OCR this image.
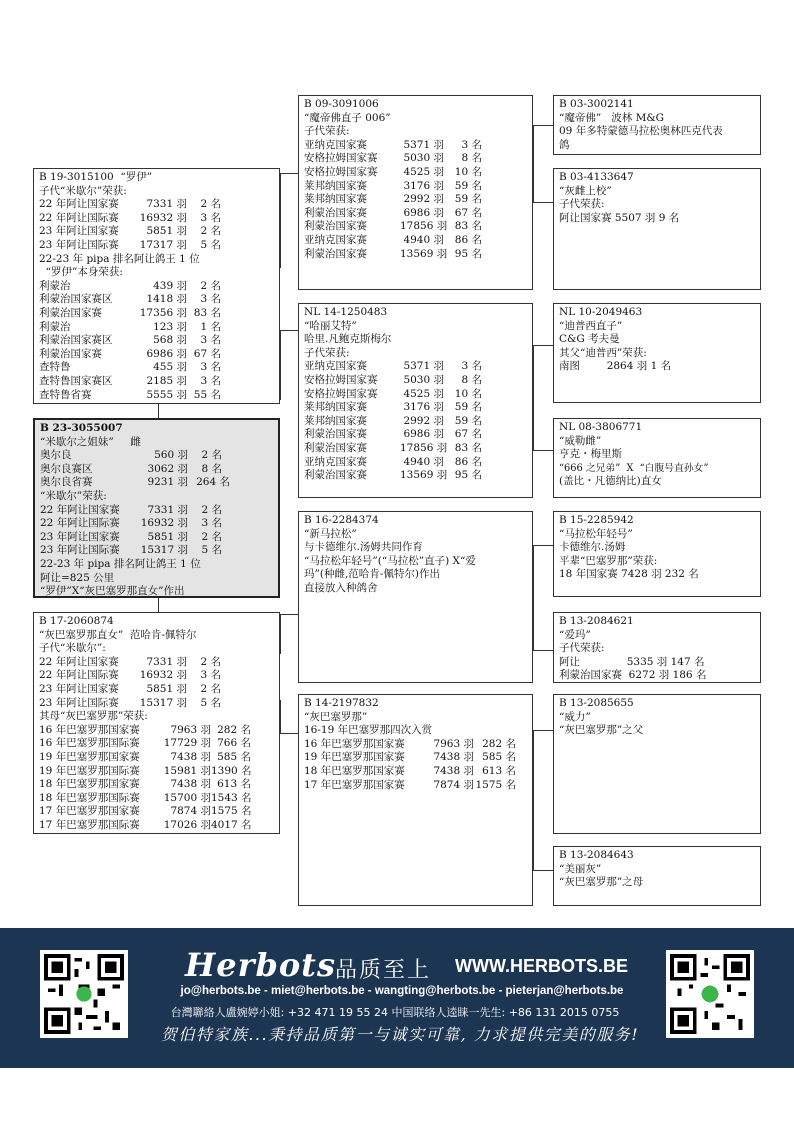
B 19-3015100  “罗伊”
子代“米歇尔”荣获:
22 年阿让国家赛	7331 羽	2 名
22 年阿让国际赛	16932 羽	3 名
23 年阿让国家赛	5851 羽	2 名
23 年阿让国际赛	17317 羽	5 名
22-23 年 pipa 排名阿让鸽王 1 位
“罗伊”本身荣获:
利蒙治	439 羽	2 名
利蒙治国家赛区	1418 羽	3 名
利蒙治国家赛	17356 羽 83 名
利蒙治	123 羽	1 名
利蒙治国家赛区	568 羽	3 名
利蒙治国家赛	6986 羽 67 名
查特鲁	455 羽	3 名
查特鲁国家赛区	2185 羽	3 名
查特鲁省赛	5555 羽 55 名
B 23-3055007
“米歇尔之姐妹”     雌
奥尔良	560 羽	2 名
奥尔良赛区	3062 羽	8 名
奥尔良省赛	9231 羽 264 名
“米歇尔”荣获:
22 年阿让国家赛	7331 羽	2 名
22 年阿让国际赛	16932 羽	3 名
23 年阿让国家赛	5851 羽	2 名
23 年阿让国际赛	15317 羽	5 名
22-23 年 pipa 排名阿让鸽王 1 位
阿让=825 公里
“罗伊”X“灰巴塞罗那直女”作出
B 17-2060874
“灰巴塞罗那直女”  范哈肯-佩特尔
子代“米歇尔”:
22 年阿让国家赛	7331 羽	2 名
22 年阿让国际赛	16932 羽	3 名
23 年阿让国家赛	5851 羽	2 名
23 年阿让国际赛	15317 羽	5 名
其母“灰巴塞罗那”荣获:
16 年巴塞罗那国家赛	7963 羽 282 名
16 年巴塞罗那国际赛	17729 羽 766 名
19 年巴塞罗那国家赛	7438 羽 585 名
19 年巴塞罗那国际赛	15981 羽 1390 名
18 年巴塞罗那国家赛	7438 羽 613 名
18 年巴塞罗那国际赛	15700 羽 1543 名
17 年巴塞罗那国家赛	7874 羽 1575 名
17 年巴塞罗那国际赛	17026 羽 4017 名
B 09-3091006
“魔帝佛直子 006”
子代荣获:
亚纳克国家赛	5371 羽	3 名
安格拉姆国家赛	5030 羽	8 名
安格拉姆国家赛	4525 羽	10 名
莱邦纳国家赛	3176 羽	59 名
莱邦纳国家赛	2992 羽	59 名
利蒙治国家赛	6986 羽	67 名
利蒙治国家赛	17856 羽 83 名
亚纳克国家赛	4940 羽	86 名
利蒙治国家赛	13569 羽 95 名
NL 14-1250483
“哈丽艾特”
哈里.凡鲍克斯梅尔
子代荣获:
亚纳克国家赛	5371 羽	3 名
安格拉姆国家赛	5030 羽	8 名
安格拉姆国家赛	4525 羽	10 名
莱邦纳国家赛	3176 羽	59 名
莱邦纳国家赛	2992 羽	59 名
利蒙治国家赛	6986 羽	67 名
利蒙治国家赛	17856 羽 83 名
亚纳克国家赛	4940 羽	86 名
利蒙治国家赛	13569 羽 95 名
B 16-2284374
“新马拉松”
与卡德维尔.汤姆共同作育
“马拉松年轻号”(“马拉松”直子) X“爱
玛”(种雌,范哈肯-佩特尔)作出
直接放入种鸽舍
B 14-2197832
“灰巴塞罗那”
16-19 年巴塞罗那四次入赏
16 年巴塞罗那国家赛	7963 羽 282 名
19 年巴塞罗那国家赛	7438 羽 585 名
18 年巴塞罗那国家赛	7438 羽 613 名
17 年巴塞罗那国家赛	7874 羽 1575 名
B 03-3002141
“魔帝佛”   波林 M&G
09 年多特蒙德马拉松奥林匹克代表
鸽
B 03-4133647
“灰雌上校”
子代荣获:
阿让国家赛 5507 羽 9 名
NL 10-2049463
“迪普西直子”
C&G 考夫曼
其父“迪普西”荣获:
南图        2864 羽 1 名
NL 08-3806771
“威勒雌”
亨克・梅里斯
“666 之兄弟”  X  “白腹号直孙女”
(盖比・凡德纳比)直女
B 15-2285942
“马拉松年轻号”
卡德维尔.汤姆
平辈“巴塞罗那”荣获:
18 年国家赛 7428 羽 232 名
B 13-2084621
“爱玛”
子代荣获:
阿让              5335 羽 147 名
利蒙治国家赛  6272 羽 186 名
B 13-2085655
“威力”
“灰巴塞罗那”之父
B 13-2084643
“美丽灰”
“灰巴塞罗那”之母
Herbots 品质至上 WWW.HERBOTS.BE
jo@herbots.be - miet@herbots.be - wangting@herbots.be - pieterjan@herbots.be
台灣聯絡人盧婉婷小姐: +32 471 19 55 24 中国联络人逵睐一先生: +86 131 2015 0755
贺伯特家族...秉持品质第一与诚实可靠, 力求提供完美的服务!
